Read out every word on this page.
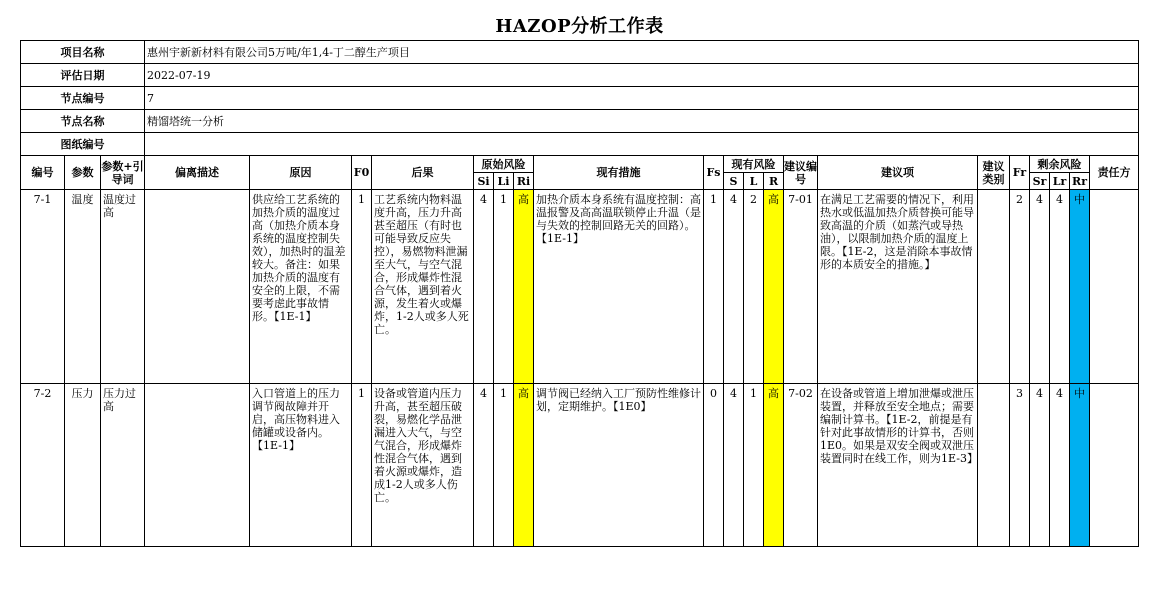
HAZOP分析工作表
项目名称			惠州宇新新材料有限公司5万吨/年1,4-丁二醇生产项目																			
评估日期			2022-07-19																			
节点编号			7																			
节点名称			精馏塔统一分析																			
图纸编号																						
编号	参数	参数+引导词	偏离描述	原因	F0	后果	原始风险			现有措施	Fs	现有风险			建议编号	建议项	建议类别	Fr	剩余风险			责任方
							Si	Li	Ri			S	L	R					Sr	Lr	Rr	
7-1	温度	温度过高		供应给工艺系统的加热介质的温度过高（加热介质本身系统的温度控制失效），加热时的温差较大。备注：如果加热介质的温度有安全的上限，不需要考虑此事故情形。【1E-1】	1	工艺系统内物料温度升高，压力升高甚至超压（有时也可能导致反应失控），易燃物料泄漏至大气，与空气混合，形成爆炸性混合气体，遇到着火源，发生着火或爆炸，1-2人或多人死亡。	4	1	高	加热介质本身系统有温度控制：高温报警及高高温联锁停止升温（是与失效的控制回路无关的回路）。【1E-1】	1	4	2	高	7-01	在满足工艺需要的情况下，利用热水或低温加热介质替换可能导致高温的介质（如蒸汽或导热油），以限制加热介质的温度上限。【1E-2，这是消除本事故情形的本质安全的措施。】		2	4	4	中	
7-2	压力	压力过高		入口管道上的压力调节阀故障并开启，高压物料进入储罐或设备内。【1E-1】	1	设备或管道内压力升高，甚至超压破裂，易燃化学品泄漏进入大气，与空气混合，形成爆炸性混合气体，遇到着火源或爆炸，造成1-2人或多人伤亡。	4	1	高	调节阀已经纳入工厂预防性维修计划，定期维护。【1E0】	0	4	1	高	7-02	在设备或管道上增加泄爆或泄压装置，并释放至安全地点；需要编制计算书。【1E-2，前提是有针对此事故情形的计算书，否则1E0。如果是双安全阀或双泄压装置同时在线工作，则为1E-3】		3	4	4	中	
